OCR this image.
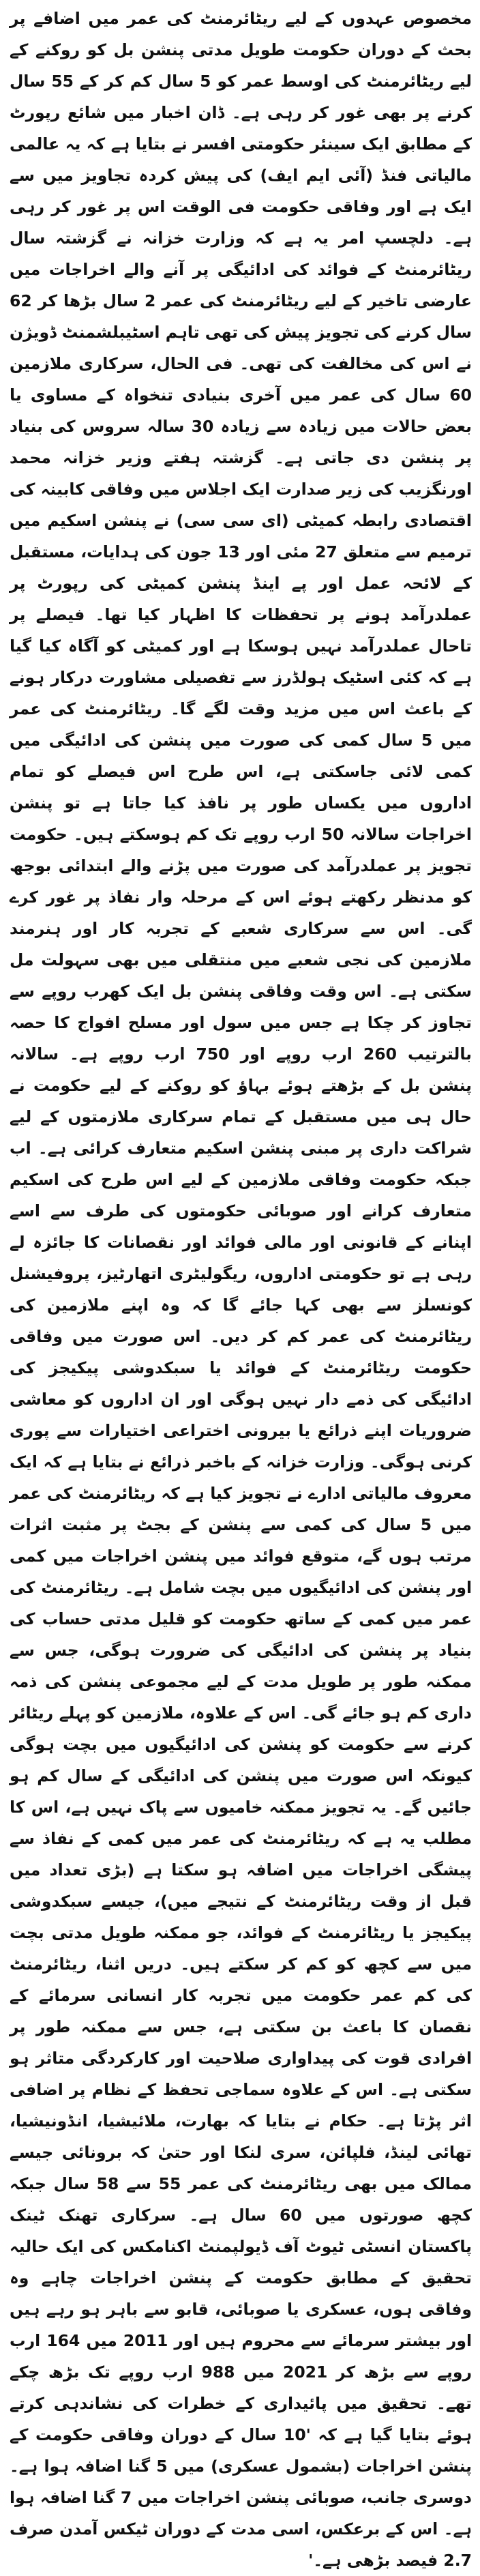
مخصوص عہدوں کے لیے ریٹائرمنٹ کی عمر میں اضافے پر بحث کے دوران حکومت طویل مدتی پنشن بل کو روکنے کے لیے ریٹائرمنٹ کی اوسط عمر کو 5 سال کم کر کے 55 سال کرنے پر بھی غور کر رہی ہے۔ ڈان اخبار میں شائع رپورٹ کے مطابق ایک سینئر حکومتی افسر نے بتایا ہے کہ یہ عالمی مالیاتی فنڈ (آئی ایم ایف) کی پیش کردہ تجاویز میں سے ایک ہے اور وفاقی حکومت فی الوقت اس پر غور کر رہی ہے۔ دلچسپ امر یہ ہے کہ وزارت خزانہ نے گزشتہ سال ریٹائرمنٹ کے فوائد کی ادائیگی پر آنے والے اخراجات میں عارضی تاخیر کے لیے ریٹائرمنٹ کی عمر 2 سال بڑھا کر 62 سال کرنے کی تجویز پیش کی تھی تاہم اسٹیبلشمنٹ ڈویژن نے اس کی مخالفت کی تھی۔ فی الحال، سرکاری ملازمین 60 سال کی عمر میں آخری بنیادی تنخواہ کے مساوی یا بعض حالات میں زیادہ سے زیادہ 30 سالہ سروس کی بنیاد پر پنشن دی جاتی ہے۔ گزشتہ ہفتے وزیر خزانہ محمد اورنگزیب کی زیر صدارت ایک اجلاس میں وفاقی کابینہ کی اقتصادی رابطہ کمیٹی (ای سی سی) نے پنشن اسکیم میں ترمیم سے متعلق 27 مئی اور 13 جون کی ہدایات، مستقبل کے لائحہ عمل اور پے اینڈ پنشن کمیٹی کی رپورٹ پر عملدرآمد ہونے پر تحفظات کا اظہار کیا تھا۔ فیصلے پر تاحال عملدرآمد نہیں ہوسکا ہے اور کمیٹی کو آگاہ کیا گیا ہے کہ کئی اسٹیک ہولڈرز سے تفصیلی مشاورت درکار ہونے کے باعث اس میں مزید وقت لگے گا۔ ریٹائرمنٹ کی عمر میں 5 سال کمی کی صورت میں پنشن کی ادائیگی میں کمی لائی جاسکتی ہے، اس طرح اس فیصلے کو تمام اداروں میں یکساں طور پر نافذ کیا جاتا ہے تو پنشن اخراجات سالانہ 50 ارب روپے تک کم ہوسکتے ہیں۔ حکومت تجویز پر عملدرآمد کی صورت میں پڑنے والے ابتدائی بوجھ کو مدنظر رکھتے ہوئے اس کے مرحلہ وار نفاذ پر غور کرے گی۔ اس سے سرکاری شعبے کے تجربہ کار اور ہنرمند ملازمین کی نجی شعبے میں منتقلی میں بھی سہولت مل سکتی ہے۔ اس وقت وفاقی پنشن بل ایک کھرب روپے سے تجاوز کر چکا ہے جس میں سول اور مسلح افواج کا حصہ بالترتیب 260 ارب روپے اور 750 ارب روپے ہے۔ سالانہ پنشن بل کے بڑھتے ہوئے بہاؤ کو روکنے کے لیے حکومت نے حال ہی میں مستقبل کے تمام سرکاری ملازمتوں کے لیے شراکت داری پر مبنی پنشن اسکیم متعارف کرائی ہے۔ اب جبکہ حکومت وفاقی ملازمین کے لیے اس طرح کی اسکیم متعارف کرانے اور صوبائی حکومتوں کی طرف سے اسے اپنانے کے قانونی اور مالی فوائد اور نقصانات کا جائزہ لے رہی ہے تو حکومتی اداروں، ریگولیٹری اتھارٹیز، پروفیشنل کونسلز سے بھی کہا جائے گا کہ وہ اپنے ملازمین کی ریٹائرمنٹ کی عمر کم کر دیں۔ اس صورت میں وفاقی حکومت ریٹائرمنٹ کے فوائد یا سبکدوشی پیکیجز کی ادائیگی کی ذمے دار نہیں ہوگی اور ان اداروں کو معاشی ضروریات اپنے ذرائع یا بیرونی اختراعی اختیارات سے پوری کرنی ہوگی۔ وزارت خزانہ کے باخبر ذرائع نے بتایا ہے کہ ایک معروف مالیاتی ادارے نے تجویز کیا ہے کہ ریٹائرمنٹ کی عمر میں 5 سال کی کمی سے پنشن کے بجٹ پر مثبت اثرات مرتب ہوں گے، متوقع فوائد میں پنشن اخراجات میں کمی اور پنشن کی ادائیگیوں میں بچت شامل ہے۔ ریٹائرمنٹ کی عمر میں کمی کے ساتھ حکومت کو قلیل مدتی حساب کی بنیاد پر پنشن کی ادائیگی کی ضرورت ہوگی، جس سے ممکنہ طور پر طویل مدت کے لیے مجموعی پنشن کی ذمہ داری کم ہو جائے گی۔ اس کے علاوہ، ملازمین کو پہلے ریٹائر کرنے سے حکومت کو پنشن کی ادائیگیوں میں بچت ہوگی کیونکہ اس صورت میں پنشن کی ادائیگی کے سال کم ہو جائیں گے۔ یہ تجویز ممکنہ خامیوں سے پاک نہیں ہے، اس کا مطلب یہ ہے کہ ریٹائرمنٹ کی عمر میں کمی کے نفاذ سے پیشگی اخراجات میں اضافہ ہو سکتا ہے (بڑی تعداد میں قبل از وقت ریٹائرمنٹ کے نتیجے میں)، جیسے سبکدوشی پیکیجز یا ریٹائرمنٹ کے فوائد، جو ممکنہ طویل مدتی بچت میں سے کچھ کو کم کر سکتے ہیں۔ دریں اثنا، ریٹائرمنٹ کی کم عمر حکومت میں تجربہ کار انسانی سرمائے کے نقصان کا باعث بن سکتی ہے، جس سے ممکنہ طور پر افرادی قوت کی پیداواری صلاحیت اور کارکردگی متاثر ہو سکتی ہے۔ اس کے علاوہ سماجی تحفظ کے نظام پر اضافی اثر پڑتا ہے۔ حکام نے بتایا کہ بھارت، ملائیشیا، انڈونیشیا، تھائی لینڈ، فلپائن، سری لنکا اور حتیٰ کہ برونائی جیسے ممالک میں بھی ریٹائرمنٹ کی عمر 55 سے 58 سال جبکہ کچھ صورتوں میں 60 سال ہے۔ سرکاری تھنک ٹینک پاکستان انسٹی ٹیوٹ آف ڈیولپمنٹ اکنامکس کی ایک حالیہ تحقیق کے مطابق حکومت کے پنشن اخراجات چاہے وہ وفاقی ہوں، عسکری یا صوبائی، قابو سے باہر ہو رہے ہیں اور بیشتر سرمائے سے محروم ہیں اور 2011 میں 164 ارب روپے سے بڑھ کر 2021 میں 988 ارب روپے تک بڑھ چکے تھے۔ تحقیق میں پائیداری کے خطرات کی نشاندہی کرتے ہوئے بتایا گیا ہے کہ '10 سال کے دوران وفاقی حکومت کے پنشن اخراجات (بشمول عسکری) میں 5 گنا اضافہ ہوا ہے۔ دوسری جانب، صوبائی پنشن اخراجات میں 7 گنا اضافہ ہوا ہے۔ اس کے برعکس، اسی مدت کے دوران ٹیکس آمدن صرف 2.7 فیصد بڑھی ہے۔'
